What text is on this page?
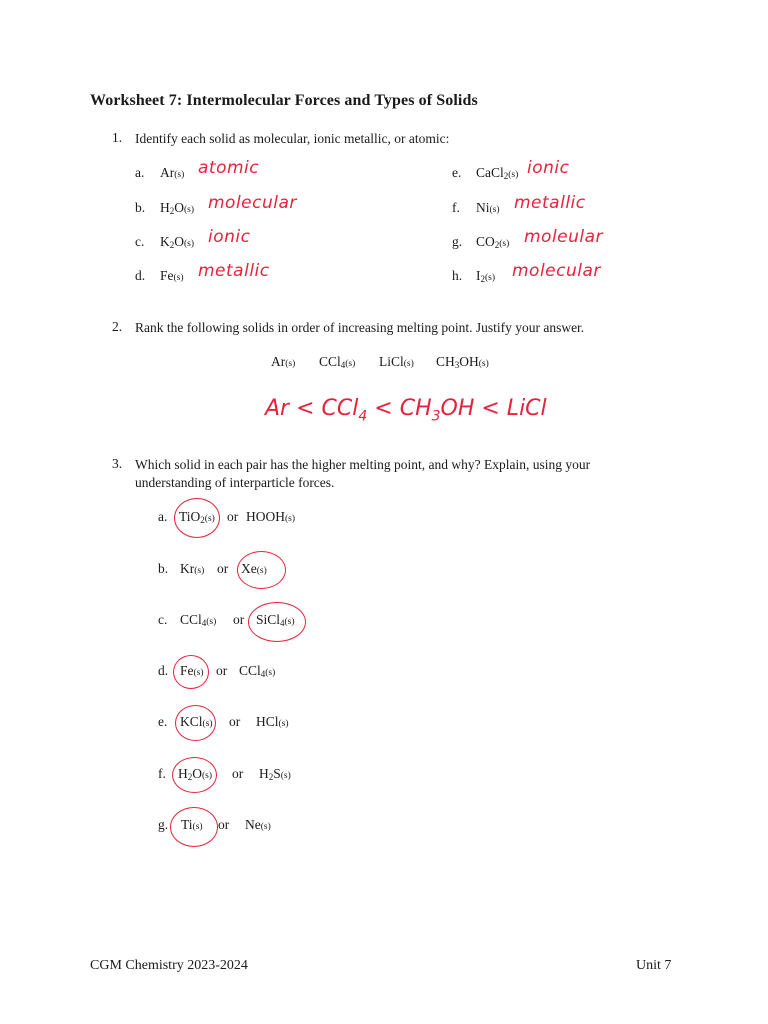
Worksheet 7: Intermolecular Forces and Types of Solids
1. Identify each solid as molecular, ionic metallic, or atomic:
a. Ar(s) atomic
b. $H_2O(s)$ molecular
c. $K_2O(s)$ ionic
d. Fe(s) metallic
e. CaCl$_2$(s) ionic
f. Ni(s) metallic
g. $CO_2(s)$ moleular
h. $I_2(s)$ molecular
2. Rank the following solids in order of increasing melting point. Justify your answer.
Ar(s) CCl$_4$(s) LiCl(s) $CH_3OH(s)$
$Ar < CCl_4 < CH_3OH$ < LiCl
3. Which solid in each pair has the higher melting point, and why? Explain, using your
understanding of interparticle forces.
a. TiO$_2$(s) or HOOH(s)
b. Kr(s) or Xe(s)
c. CCl$_4$(s) or SiCl$_4$(s)
d. Fe(s) or CCl$_4$(s)
e. KCl(s) or HCl(s)
f. $H_2O(s)$ or $H_2S(s)$
g. Ti(s) or Ne(s)
CGM Chemistry 2023-2024	Unit 7
